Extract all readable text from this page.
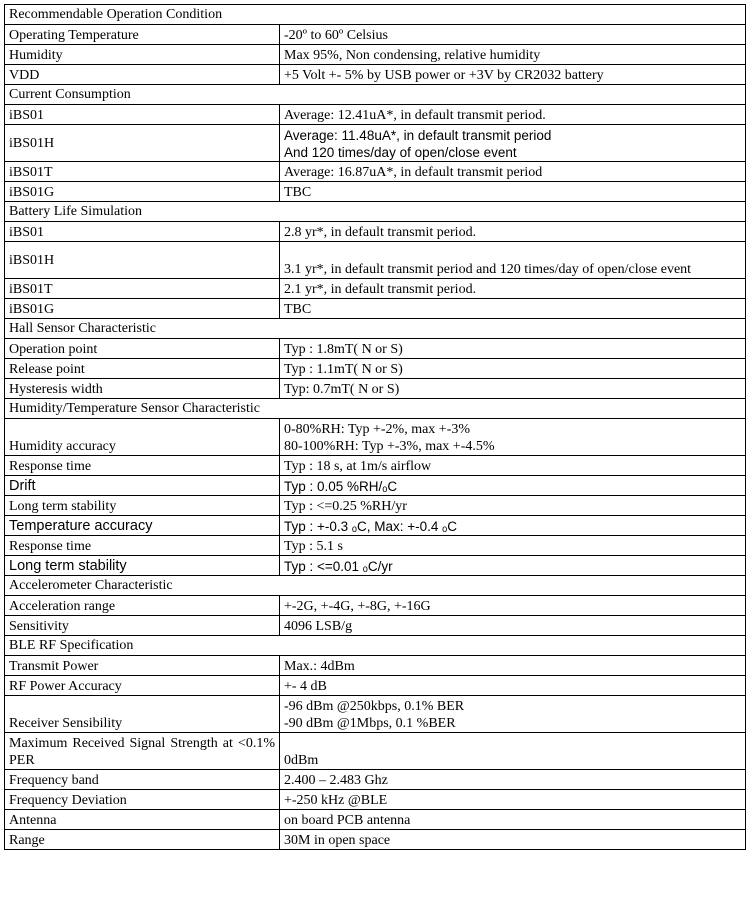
Recommendable Operation Condition	
Operating Temperature	-20º to 60º Celsius
Humidity	Max 95%, Non condensing, relative humidity
VDD	+5 Volt +- 5% by USB power or +3V by CR2032 battery
Current Consumption	
iBS01	Average: 12.41uA*, in default transmit period.
iBS01H	Average: 11.48uA*, in default transmit period
And 120 times/day of open/close event

iBS01T	Average: 16.87uA*, in default transmit period
iBS01G	TBC
Battery Life Simulation	
iBS01	2.8 yr*, in default transmit period.
iBS01H	3.1 yr*, in default transmit period and 120 times/day of open/close event
iBS01T	2.1 yr*, in default transmit period.
iBS01G	TBC
Hall Sensor Characteristic	
Operation point	Typ : 1.8mT( N or S)
Release point	Typ : 1.1mT( N or S)
Hysteresis width	Typ: 0.7mT( N or S)
Humidity/Temperature Sensor Characteristic	
Humidity accuracy	0-80%RH: Typ +-2%, max +-3%
80-100%RH: Typ +-3%, max +-4.5%

Response time	Typ : 18 s, at 1m/s airflow
Drift	Typ : 0.05 %RH/ₒC
Long term stability	Typ : <=0.25 %RH/yr
Temperature accuracy	Typ : +-0.3 ₒC, Max: +-0.4 ₒC
Response time	Typ : 5.1 s
Long term stability	Typ : <=0.01 ₒC/yr
Accelerometer Characteristic	
Acceleration range	+-2G, +-4G, +-8G, +-16G
Sensitivity	4096 LSB/g
BLE RF Specification	
Transmit Power	Max.: 4dBm
RF Power Accuracy	+- 4 dB
Receiver Sensibility	-96 dBm @250kbps, 0.1% BER
-90 dBm @1Mbps, 0.1 %BER

Maximum Received Signal Strength at <0.1% PER	0dBm
Frequency band	2.400 – 2.483 Ghz
Frequency Deviation	+-250 kHz @BLE
Antenna	on board PCB antenna
Range	30M in open space
